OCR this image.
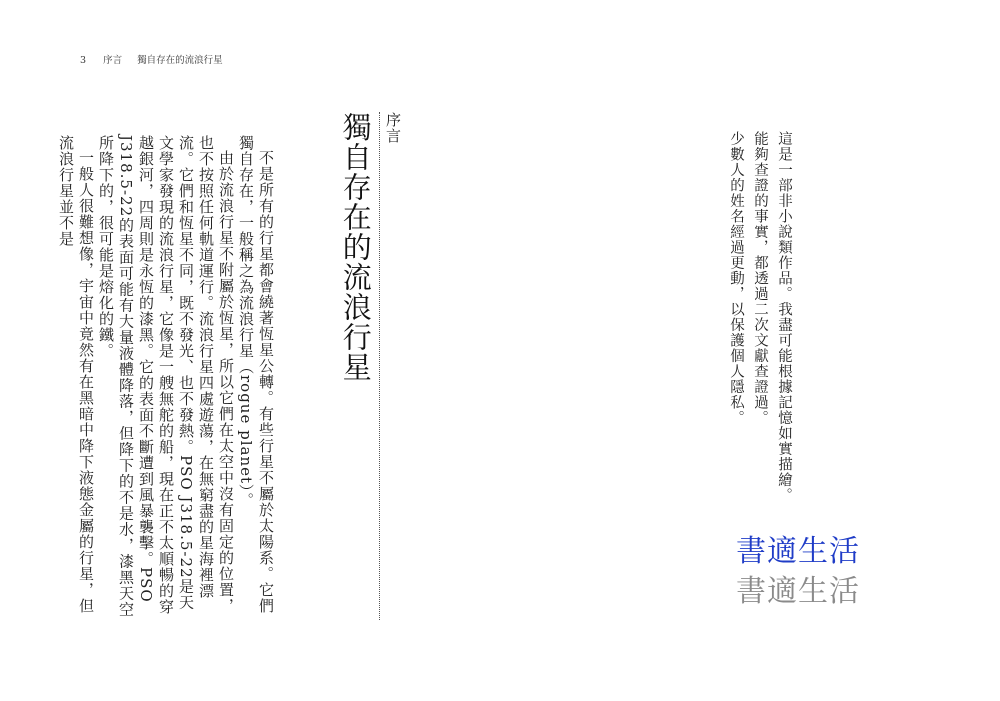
3 序言 獨自存在的流浪行星
序言
獨自存在的流浪行星

不是所有的行星都會繞著恆星公轉。有些行星不屬於太陽系。它們獨自存在，一般稱之為流浪行星（rogue planet）。

由於流浪行星不附屬於恆星，所以它們在太空中沒有固定的位置，也不按照任何軌道運行。流浪行星四處遊蕩，在無窮盡的星海裡漂流。它們和恆星不同，既不發光、也不發熱。PSO J318.5-22是天文學家發現的流浪行星，它像是一艘無舵的船，現在正不太順暢的穿越銀河，四周則是永恆的漆黑。它的表面不斷遭到風暴襲擊。PSO J318.5-22的表面可能有大量液體降落，但降下的不是水，漆黑天空所降下的，很可能是熔化的鐵。

一般人很難想像，宇宙中竟然有在黑暗中降下液態金屬的行星，但流浪行星並不是	這是一部非小說類作品。我盡可能根據記憶如實描繪。
能夠查證的事實，都透過二次文獻查證過。
少數人的姓名經過更動，以保護個人隱私。
書適生活
書適生活
